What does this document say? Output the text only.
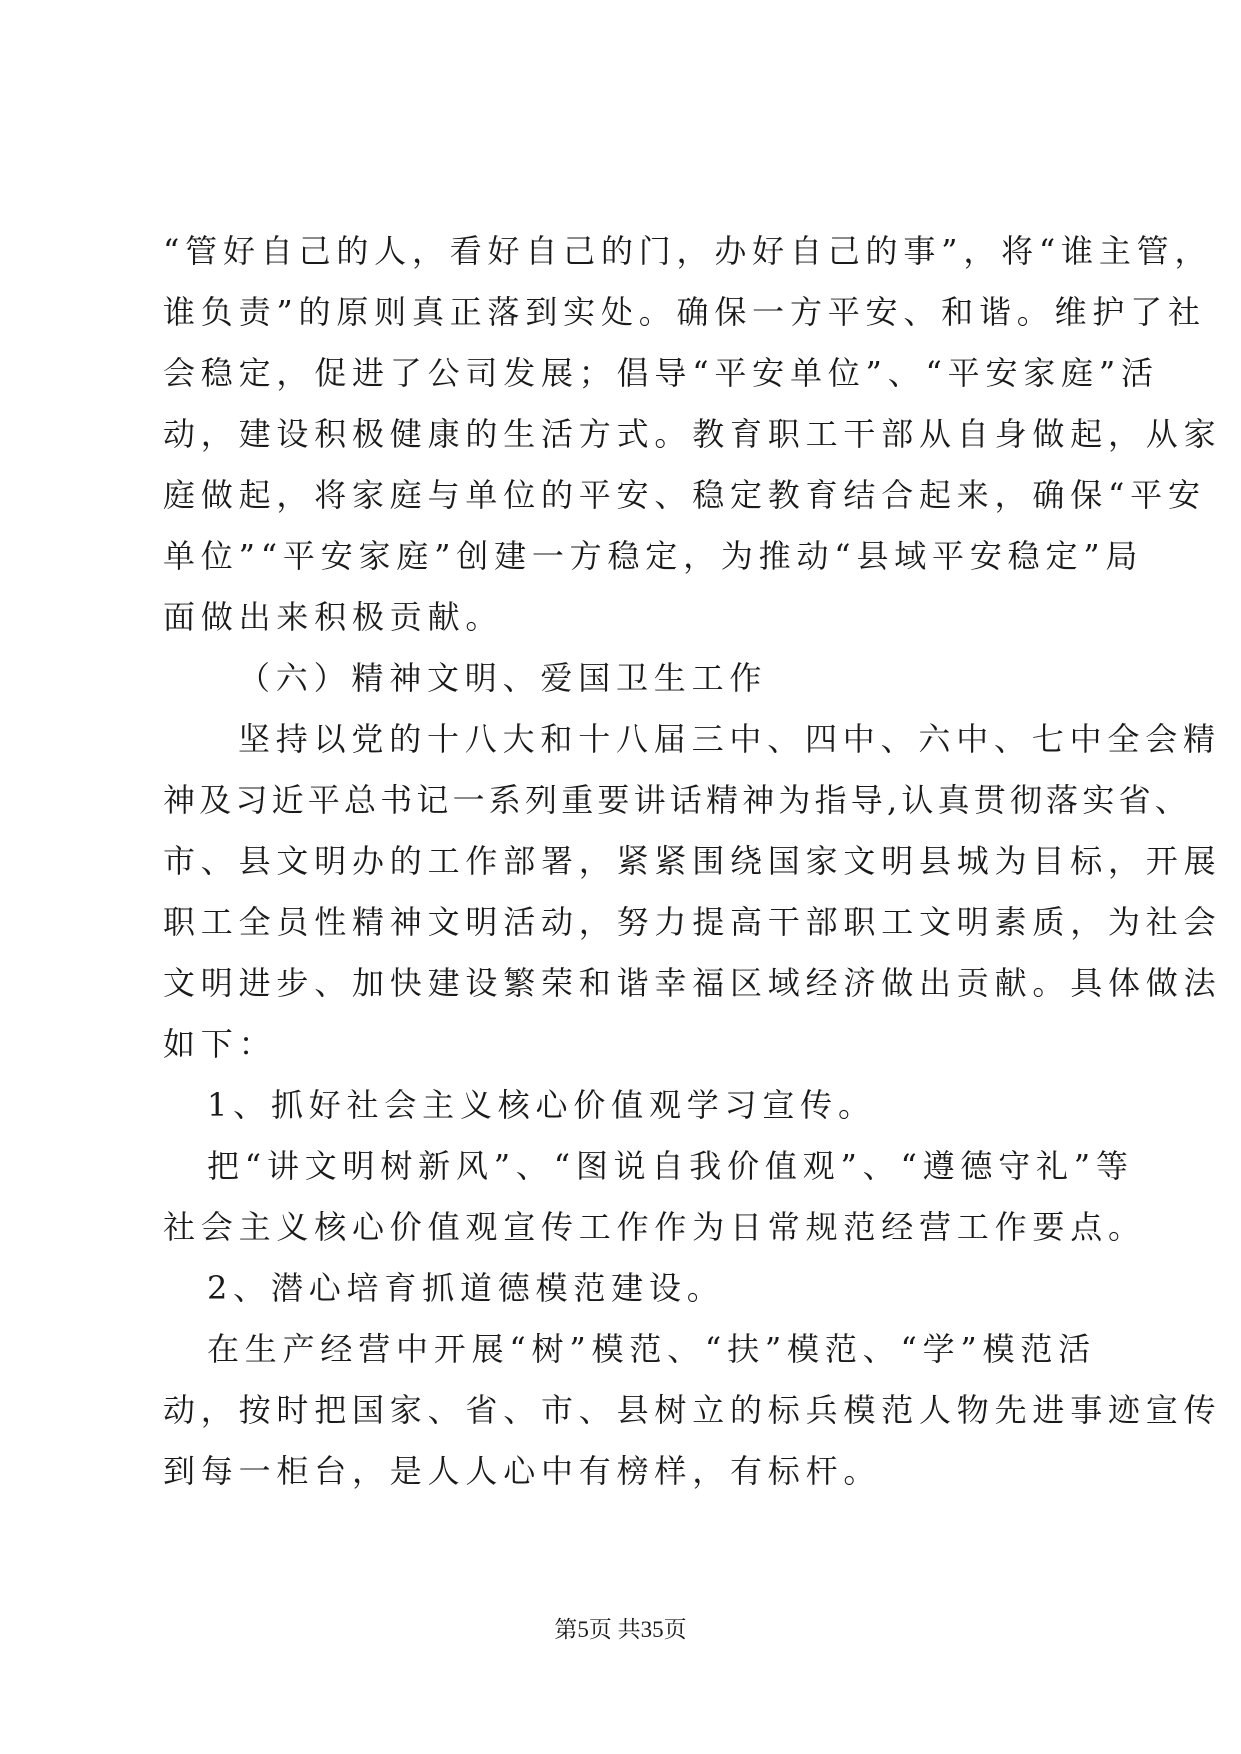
“管好自己的人，看好自己的门，办好自己的事”，将“谁主管，
谁负责”的原则真正落到实处。确保一方平安、和谐。维护了社
会稳定，促进了公司发展；倡导“平安单位”、“平安家庭”活
动，建设积极健康的生活方式。教育职工干部从自身做起，从家
庭做起，将家庭与单位的平安、稳定教育结合起来，确保“平安
单位”“平安家庭”创建一方稳定，为推动“县域平安稳定”局
面做出来积极贡献。
（六）精神文明、爱国卫生工作
坚持以党的十八大和十八届三中、四中、六中、七中全会精
神及习近平总书记一系列重要讲话精神为指导,认真贯彻落实省、
市、县文明办的工作部署，紧紧围绕国家文明县城为目标，开展
职工全员性精神文明活动，努力提高干部职工文明素质，为社会
文明进步、加快建设繁荣和谐幸福区域经济做出贡献。具体做法
如下：
1、抓好社会主义核心价值观学习宣传。
把“讲文明树新风”、“图说自我价值观”、“遵德守礼”等
社会主义核心价值观宣传工作作为日常规范经营工作要点。
2、潜心培育抓道德模范建设。
在生产经营中开展“树”模范、“扶”模范、“学”模范活
动，按时把国家、省、市、县树立的标兵模范人物先进事迹宣传
到每一柜台，是人人心中有榜样，有标杆。
第5页 共35页
